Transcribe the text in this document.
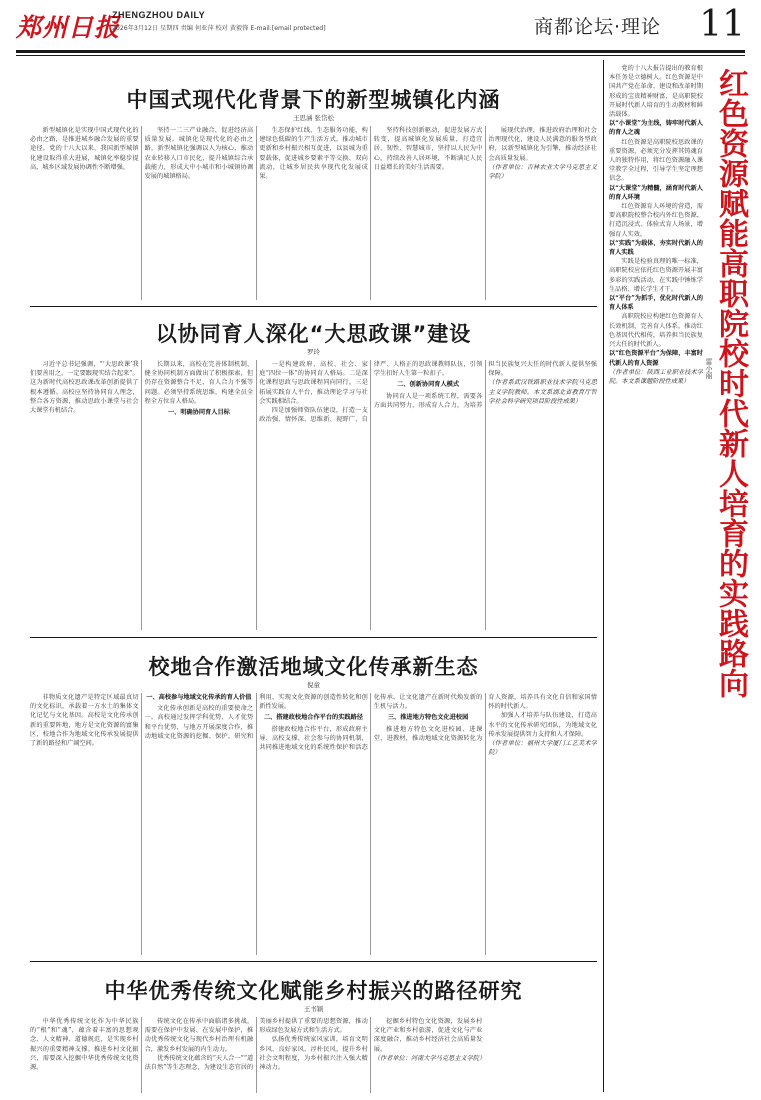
郑州日报
ZHENGZHOU DAILY
2026年3月12日 星期四 责编 何亚萍 校对 黄毅锋 E-mail:[email protected]	商都论坛·理论 11
中国式现代化背景下的新型城镇化内涵
王思涵 张岱松

新型城镇化是实现中国式现代化的必由之路，是推进城乡融合发展的重要途径。党的十八大以来，我国新型城镇化建设取得重大进展，城镇化率稳步提高，城乡区域发展协调性不断增强。

坚持一二三产业融合，促进经济高质量发展。城镇化是现代化的必由之路，新型城镇化强调以人为核心，推动农业转移人口市民化，提升城镇综合承载能力，形成大中小城市和小城镇协调发展的城镇格局。

生态保护红线、生态服务功能，构建绿色低碳的生产生活方式，推动城市更新和乡村振兴相互促进，以县城为重要载体，促进城乡要素平等交换、双向流动，让城乡居民共享现代化发展成果。

坚持科技创新驱动，促进发展方式转变，提高城镇化发展质量，打造宜居、韧性、智慧城市，坚持以人民为中心，持续改善人居环境，不断满足人民日益增长的美好生活需要。

展现代治理，推进政府治理和社会治理现代化，建设人民满意的服务型政府，以新型城镇化为引擎，推动经济社会高质量发展。

（作者单位：吉林农业大学马克思主义学院）

以协同育人深化“大思政课”建设
罗玲

习近平总书记强调，“‘大思政课’我们要善用之，一定要跟现实结合起来”。这为新时代高校思政课改革创新提供了根本遵循。高校应坚持协同育人理念，整合各方资源，推动思政小课堂与社会大课堂有机结合。

长期以来，高校在完善体制机制、健全协同机制方面做出了积极探索，但仍存在资源整合不足、育人合力不强等问题。必须坚持系统思维，构建全员全程全方位育人格局。

一、明确协同育人目标

一是构建政府、高校、社会、家庭“四位一体”的协同育人格局。二是深化课程思政与思政课程同向同行。三是拓展实践育人平台，推动理论学习与社会实践相结合。

四是加强师资队伍建设，打造一支政治强、情怀深、思维新、视野广、自律严、人格正的思政课教师队伍，引领学生扣好人生第一粒扣子。

二、创新协同育人模式

协同育人是一项系统工程，需要各方面共同努力，形成育人合力，为培养担当民族复兴大任的时代新人提供坚强保障。

（作者系武汉铁路职业技术学院马克思主义学院教师。本文系湖北省教育厅哲学社会科学研究项目阶段性成果）

校地合作激活地域文化传承新生态
倪童

非物质文化遗产是特定区域最真切的文化标识，承载着一方水土的集体文化记忆与文化基因。高校是文化传承创新的重要阵地，地方是文化资源的富集区，校地合作为地域文化传承发展提供了新的路径和广阔空间。

一、高校参与地域文化传承的育人价值

文化传承创新是高校的重要使命之一。高校通过发挥学科优势、人才优势和平台优势，与地方开展深度合作，推动地域文化资源的挖掘、保护、研究和利用，实现文化资源的创造性转化和创新性发展。

二、搭建政校地合作平台的实践路径

搭建政校地合作平台，形成政府主导、高校支撑、社会参与的协同机制，共同推进地域文化的系统性保护和活态化传承，让文化遗产在新时代焕发新的生机与活力。

三、推进地方特色文化进校园

推进地方特色文化进校园、进课堂、进教材，推动地域文化资源转化为育人资源，培养具有文化自信和家国情怀的时代新人。

加强人才培养与队伍建设，打造高水平的文化传承研究团队，为地域文化传承发展提供智力支持和人才保障。

（作者单位：福州大学厦门工艺美术学院）

中华优秀传统文化赋能乡村振兴的路径研究
王书颖

中华优秀传统文化作为中华民族的“根”和“魂”，蕴含着丰富的思想观念、人文精神、道德规范，是实现乡村振兴的重要精神支撑。推进乡村文化振兴，需要深入挖掘中华优秀传统文化资源。

传统文化在传承中面临诸多挑战，需要在保护中发展、在发展中保护，推动优秀传统文化与现代乡村治理有机融合，激发乡村发展的内生动力。

优秀传统文化蕴含的“天人合一”“道法自然”等生态理念，为建设生态宜居的美丽乡村提供了重要的思想资源，推动形成绿色发展方式和生活方式。

弘扬优秀传统家风家训，培育文明乡风、良好家风、淳朴民风，提升乡村社会文明程度，为乡村振兴注入强大精神动力。

挖掘乡村特色文化资源，发展乡村文化产业和乡村旅游，促进文化与产业深度融合，推动乡村经济社会高质量发展。

（作者单位：河南大学马克思主义学院）

红色资源赋能高职院校时代新人培育的实践路向
雷小丽

党的十八大报告提出的教育根本任务是立德树人。红色资源是中国共产党在革命、建设和改革时期形成的宝贵精神财富，是高职院校开展时代新人培育的生动教材和鲜活载体。

以“小课堂”为主线，铸牢时代新人的育人之魂

红色资源是高职院校思政课的重要资源，必须充分发挥其铸魂育人的独特作用，将红色资源融入课堂教学全过程，引导学生坚定理想信念。

以“大课堂”为精髓，涵育时代新人的育人环境

红色资源育人环境的营造，需要高职院校整合校内外红色资源，打造沉浸式、体验式育人场景，增强育人实效。

以“实践”为载体，夯实时代新人的育人实践

实践是检验真理的唯一标准，高职院校应依托红色资源开展丰富多彩的实践活动，在实践中锤炼学生品格、增长学生才干。

以“平台”为抓手，优化时代新人的育人体系

高职院校应构建红色资源育人长效机制，完善育人体系，推动红色基因代代相传，培养担当民族复兴大任的时代新人。

以“红色资源平台”为保障，丰富时代新人的育人资源

（作者单位：陕西工业职业技术学院。本文系课题阶段性成果）
